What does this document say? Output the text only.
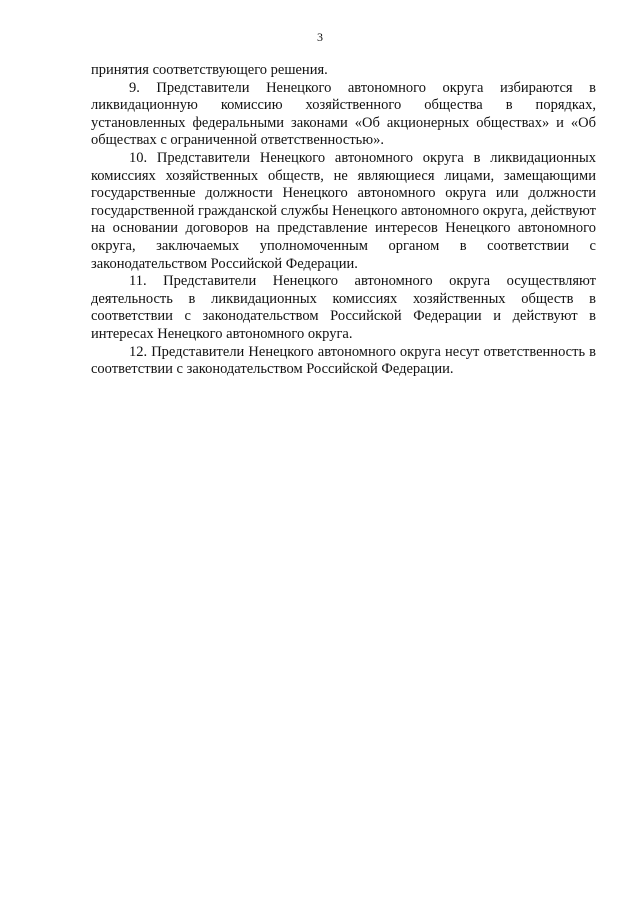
3

принятия соответствующего решения.

9. Представители Ненецкого автономного округа избираются в ликвидационную комиссию хозяйственного общества в порядках, установленных федеральными законами «Об акционерных обществах» и «Об обществах с ограниченной ответственностью».

10. Представители Ненецкого автономного округа в ликвидационных комиссиях хозяйственных обществ, не являющиеся лицами, замещающими государственные должности Ненецкого автономного округа или должности государственной гражданской службы Ненецкого автономного округа, действуют на основании договоров на представление интересов Ненецкого автономного округа, заключаемых уполномоченным органом в соответствии с законодательством Российской Федерации.

11. Представители Ненецкого автономного округа осуществляют деятельность в ликвидационных комиссиях хозяйственных обществ в соответствии с законодательством Российской Федерации и действуют в интересах Ненецкого автономного округа.

12. Представители Ненецкого автономного округа несут ответственность в соответствии с законодательством Российской Федерации.
